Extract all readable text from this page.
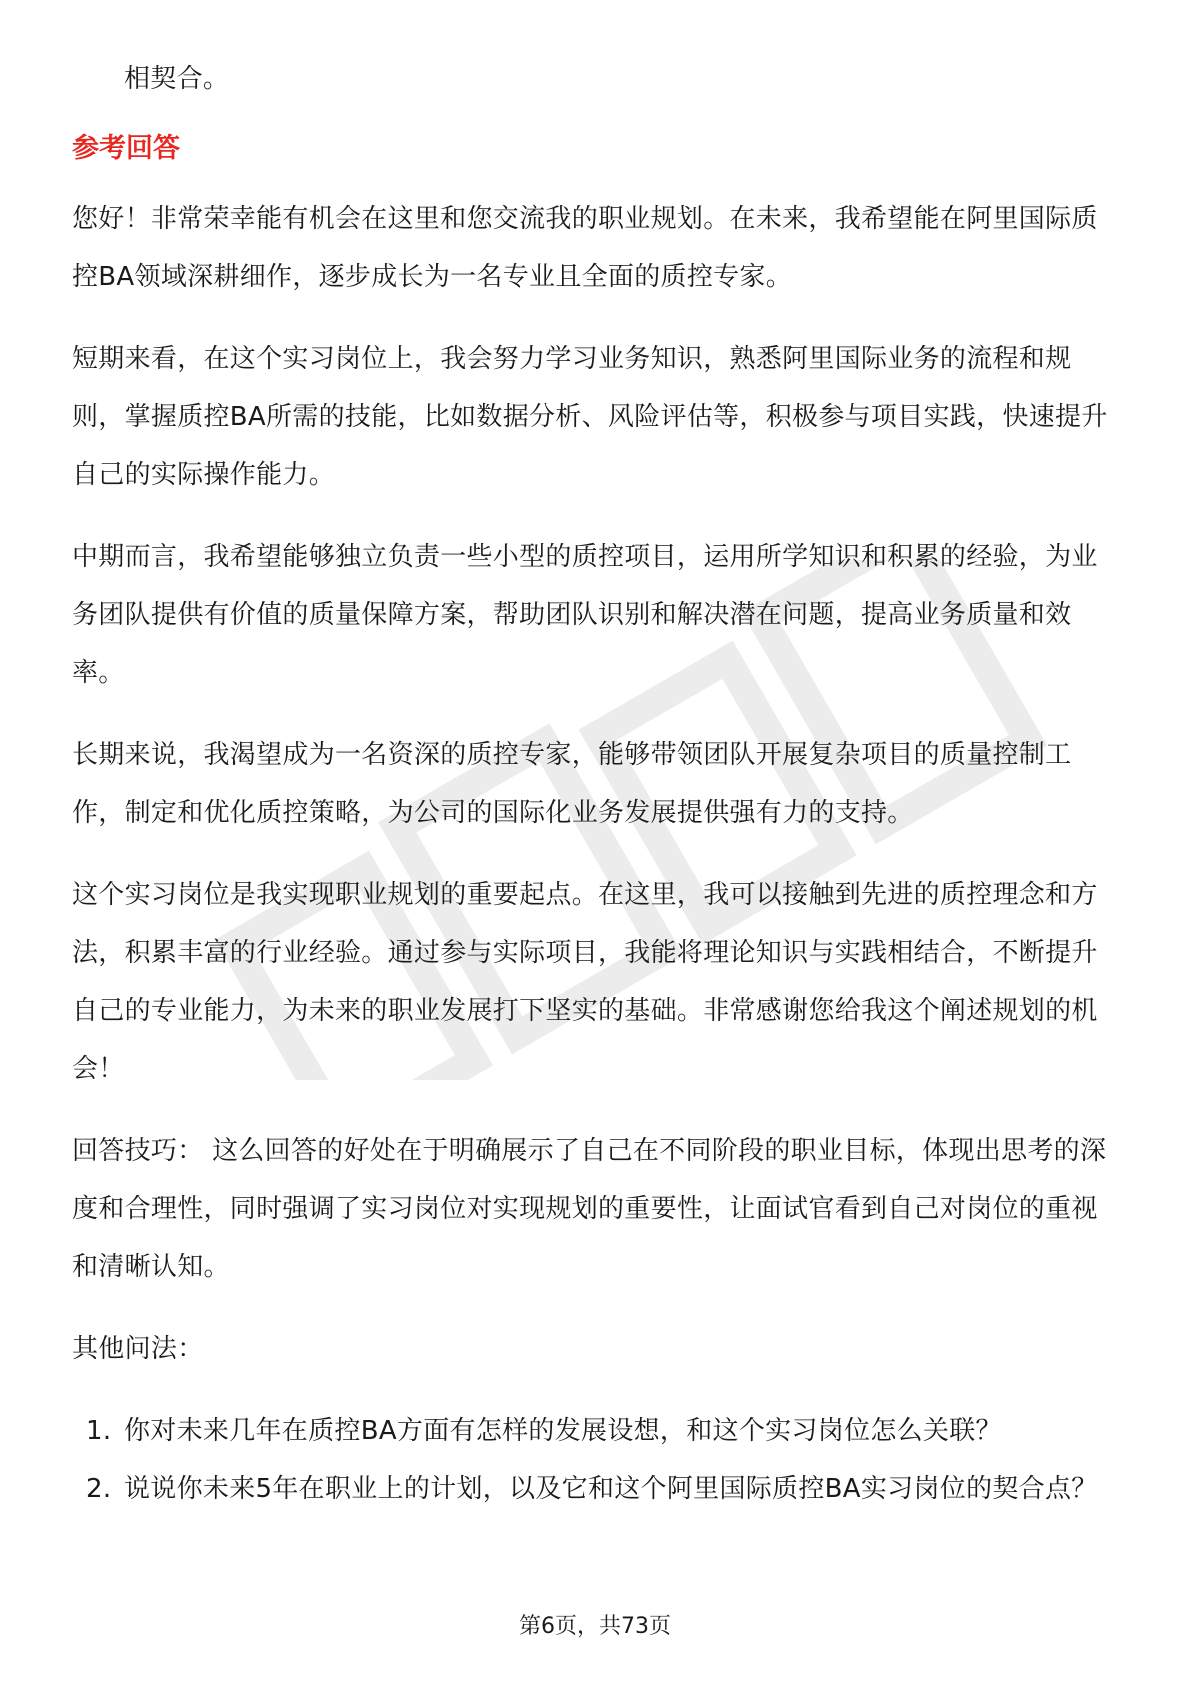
相契合。

参考回答

您好！非常荣幸能有机会在这里和您交流我的职业规划。在未来，我希望能在阿里国际质控BA领域深耕细作，逐步成长为一名专业且全面的质控专家。

短期来看，在这个实习岗位上，我会努力学习业务知识，熟悉阿里国际业务的流程和规则，掌握质控BA所需的技能，比如数据分析、风险评估等，积极参与项目实践，快速提升自己的实际操作能力。

中期而言，我希望能够独立负责一些小型的质控项目，运用所学知识和积累的经验，为业务团队提供有价值的质量保障方案，帮助团队识别和解决潜在问题，提高业务质量和效率。

长期来说，我渴望成为一名资深的质控专家，能够带领团队开展复杂项目的质量控制工作，制定和优化质控策略，为公司的国际化业务发展提供强有力的支持。

这个实习岗位是我实现职业规划的重要起点。在这里，我可以接触到先进的质控理念和方法，积累丰富的行业经验。通过参与实际项目，我能将理论知识与实践相结合，不断提升自己的专业能力，为未来的职业发展打下坚实的基础。非常感谢您给我这个阐述规划的机会！

回答技巧： 这么回答的好处在于明确展示了自己在不同阶段的职业目标，体现出思考的深度和合理性，同时强调了实习岗位对实现规划的重要性，让面试官看到自己对岗位的重视和清晰认知。

其他问法：

1. 你对未来几年在质控BA方面有怎样的发展设想，和这个实习岗位怎么关联？
2. 说说你未来5年在职业上的计划，以及它和这个阿里国际质控BA实习岗位的契合点？
第6页，共73页
